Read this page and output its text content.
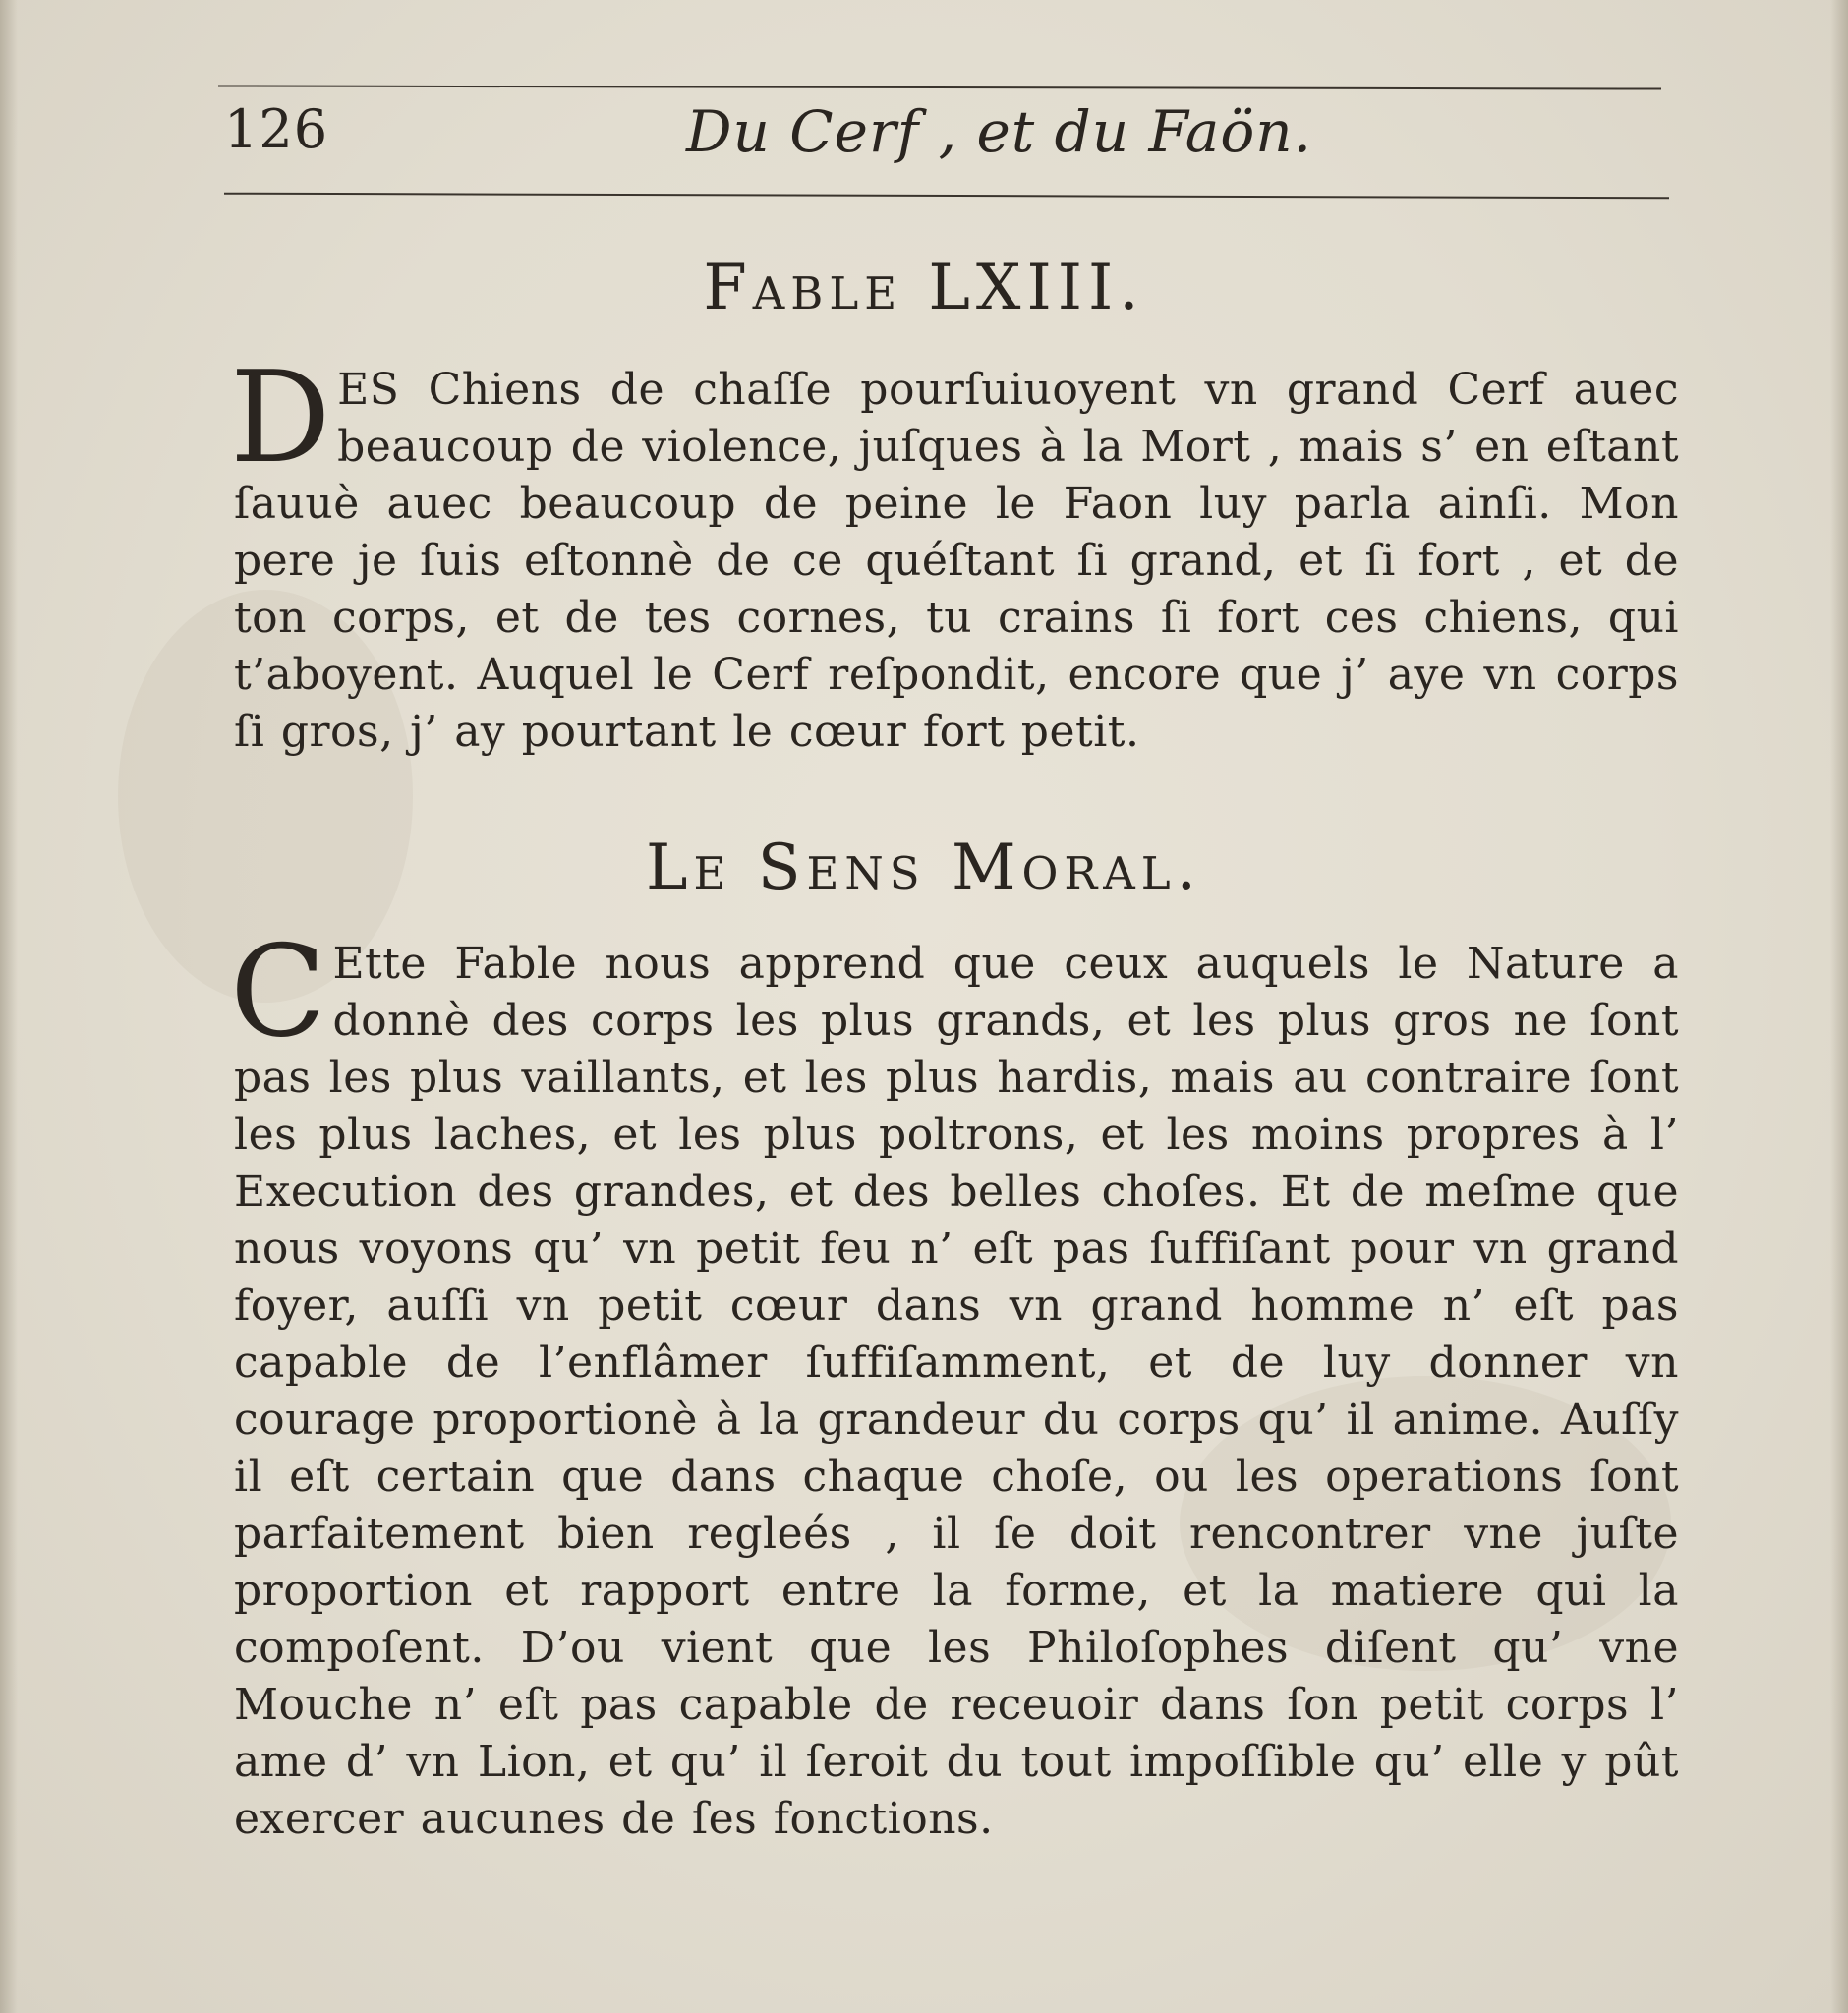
126	Du Cerf , et du Faön.
Fable LXIII.
DES Chiens de chaſſe pourſuiuoyent vn grand Cerf auec beaucoup de violence, juſques à la Mort , mais s’ en eſtant ſauuè auec beaucoup de peine le Faon luy parla ainſi. Mon pere je ſuis eſtonnè de ce quéſtant ſi grand, et ſi fort , et de ton corps, et de tes cornes, tu crains ſi fort ces chiens, qui t’aboyent. Auquel le Cerf reſpondit, encore que j’ aye vn corps ſi gros, j’ ay pourtant le cœur fort petit.
Le Sens Moral.
C Ette Fable nous apprend que ceux auquels le Nature a donnè des corps les plus grands, et les plus gros ne ſont pas les plus vaillants, et les plus hardis, mais au contraire ſont les plus laches, et les plus poltrons, et les moins propres à l’ Execution des grandes, et des belles choſes. Et de meſme que nous voyons qu’ vn petit feu n’ eſt pas ſuffiſant pour vn grand foyer, auſſi vn petit cœur dans vn grand homme n’ eſt pas capable de l’enflâmer ſuffiſamment, et de luy donner vn courage proportionè à la grandeur du corps qu’ il anime. Auſſy il eſt certain que dans chaque choſe, ou les operations ſont parfaitement bien regleés , il ſe doit rencontrer vne juſte proportion et rapport entre la forme, et la matiere qui la compoſent. D’ou vient que les Philoſophes diſent qu’ vne Mouche n’ eſt pas capable de receuoir dans ſon petit corps l’ ame d’ vn Lion, et qu’ il ſeroit du tout impoſſible qu’ elle y pût exercer aucunes de ſes fonctions.
